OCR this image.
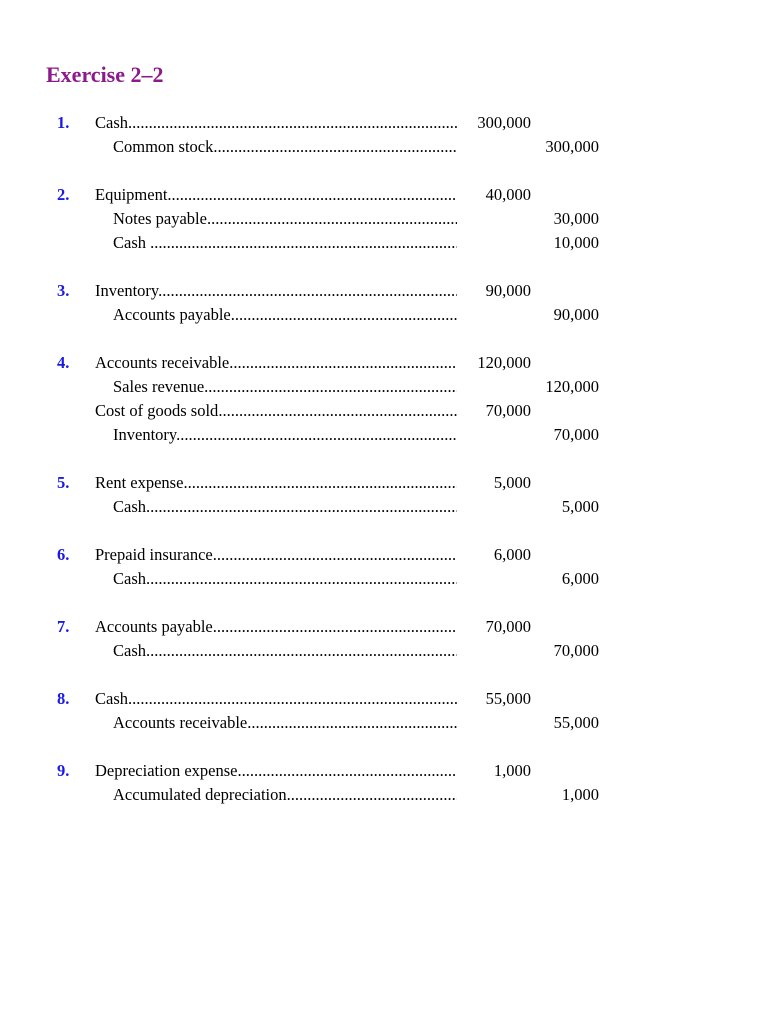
Exercise 2–2
1. Cash .....	300,000
Common stock .....	300,000
2. Equipment .....	40,000
Notes payable .....	30,000
Cash .....	10,000
3. Inventory .....	90,000
Accounts payable .....	90,000
4. Accounts receivable .....	120,000
Sales revenue .....	120,000
Cost of goods sold .....	70,000
Inventory .....	70,000
5. Rent expense .....	5,000
Cash .....	5,000
6. Prepaid insurance .....	6,000
Cash .....	6,000
7. Accounts payable .....	70,000
Cash .....	70,000
8. Cash .....	55,000
Accounts receivable .....	55,000
9. Depreciation expense .....	1,000
Accumulated depreciation .....	1,000
